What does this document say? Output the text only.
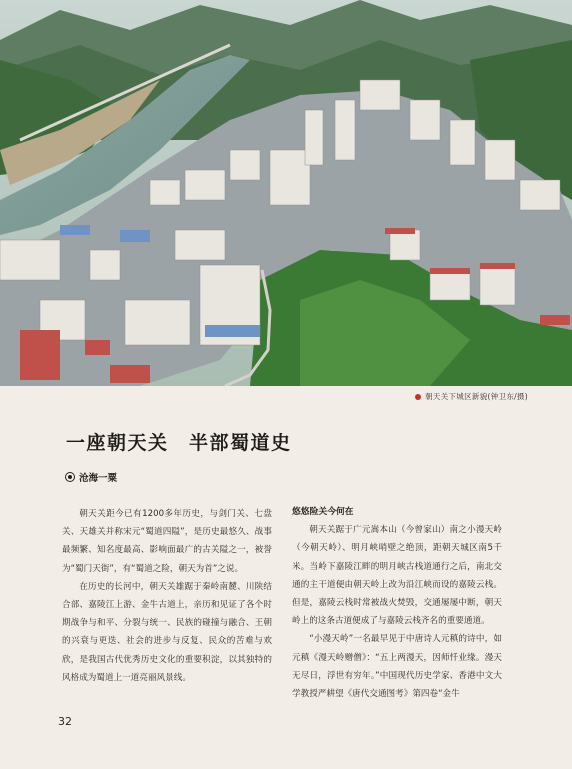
朝天关下城区新貌(钟卫东/摄)
一座朝天关　半部蜀道史
沧海一粟

朝天关距今已有1200多年历史，与剑门关、七盘关、天雄关并称宋元“蜀道四隘”，是历史最悠久、战事最频繁、知名度最高、影响面最广的古关隘之一，被誉为“蜀门天街”，有“蜀道之险，朝天为首”之说。

在历史的长河中，朝天关雄踞于秦岭南麓、川陕结合部、嘉陵江上游、金牛古道上，亲历和见证了各个时期战争与和平、分裂与统一、民族的碰撞与融合、王朝的兴衰与更迭、社会的进步与反复、民众的苦难与欢欣，是我国古代优秀历史文化的重要积淀，以其独特的风格成为蜀道上一道亮丽风景线。

悠悠险关今何在

朝天关踞于广元嵩本山（今曾家山）南之小漫天岭（今朝天岭）、明月峡哨壁之绝顶，距朝天城区南5千米。当岭下嘉陵江畔的明月峡古栈道通行之后，南北交通的主干道便由朝天岭上改为沿江峡而设的嘉陵云栈。但是，嘉陵云栈时常被战火焚毁，交通屡屡中断，朝天岭上的这条古道便成了与嘉陵云栈齐名的重要通道。

“小漫天岭”一名最早见于中唐诗人元稹的诗中，如元稹《漫天岭赠僧》：“五上两漫天，因师忏业缘。漫天无尽日，浮世有穷年。”中国现代历史学家、香港中文大学教授严耕望《唐代交通图考》第四卷“金牛

32
